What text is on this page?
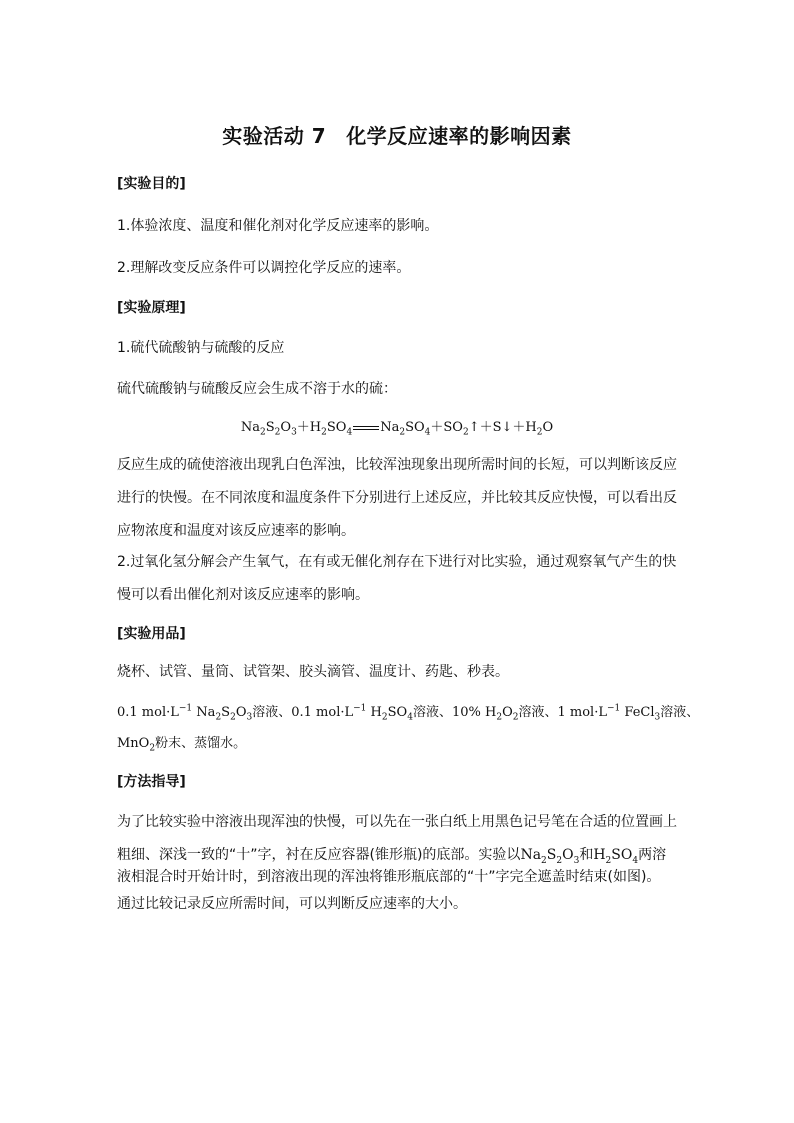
实验活动 7 化学反应速率的影响因素
[实验目的]
1.体验浓度、温度和催化剂对化学反应速率的影响。
2.理解改变反应条件可以调控化学反应的速率。
[实验原理]
1.硫代硫酸钠与硫酸的反应
硫代硫酸钠与硫酸反应会生成不溶于水的硫：
$Na_2S_2O_3+H_2SO_4$ $Na_2SO_4+SO_2↑+S↓+H_2O$
反应生成的硫使溶液出现乳白色浑浊，比较浑浊现象出现所需时间的长短，可以判断该反应进行的快慢。在不同浓度和温度条件下分别进行上述反应，并比较其反应快慢，可以看出反应物浓度和温度对该反应速率的影响。
2.过氧化氢分解会产生氧气，在有或无催化剂存在下进行对比实验，通过观察氧气产生的快慢可以看出催化剂对该反应速率的影响。
[实验用品]
烧杯、试管、量筒、试管架、胶头滴管、温度计、药匙、秒表。
0.1 $mol\cdot L^{-1}$ $Na_2S_2O_3$溶液、0.1 $mol\cdot L^{-1}$ $H_2SO_4$溶液、10% $H_2O_2$溶液、1 $mol\cdot L^{-1}$ FeCl$_3$溶液、
MnO$_2$粉末、蒸馏水。
[方法指导]
为了比较实验中溶液出现浑浊的快慢，可以先在一张白纸上用黑色记号笔在合适的位置画上
粗细、深浅一致的“十”字，衬在反应容器(锥形瓶)的底部。实验以$Na_2S_2O_3$和$H_2SO_4$两溶
液相混合时开始计时，到溶液出现的浑浊将锥形瓶底部的“十”字完全遮盖时结束(如图)。
通过比较记录反应所需时间，可以判断反应速率的大小。
